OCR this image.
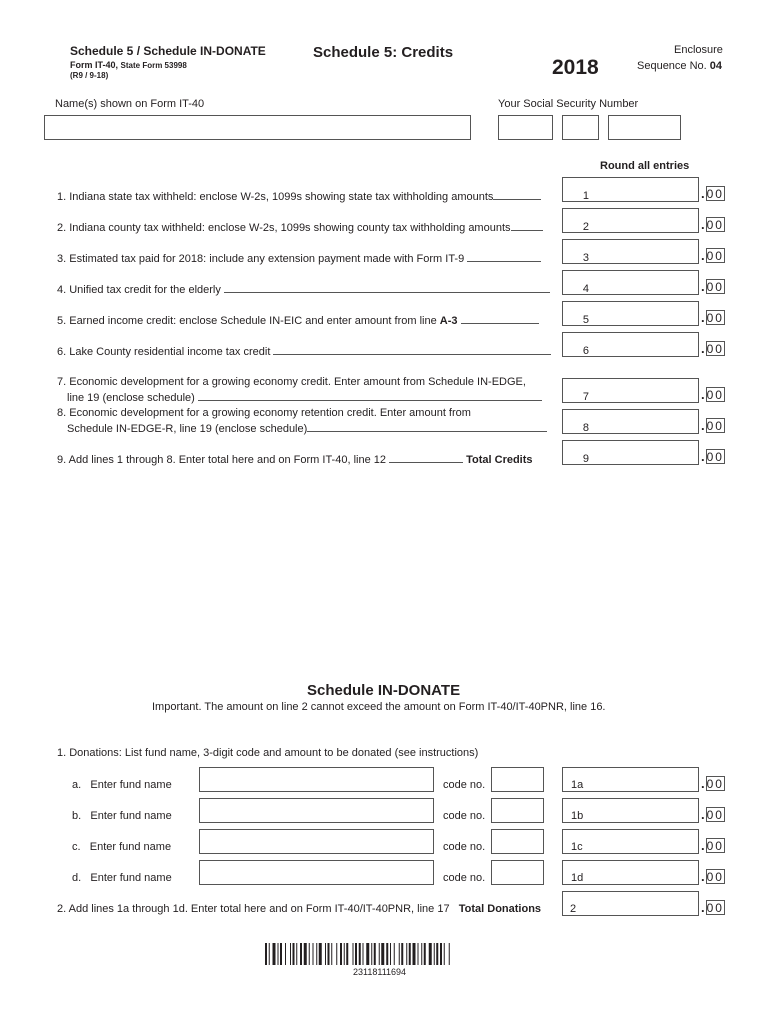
Schedule 5 / Schedule IN-DONATE
Form IT-40, State Form 53998
(R9 / 9-18)
Schedule 5: Credits
2018
Enclosure
Sequence No. 04
Name(s) shown on Form IT-40	Your Social Security Number
Round all entries
1. Indiana state tax withheld: enclose W-2s, 1099s showing state tax withholding amounts	1	. 00
2. Indiana county tax withheld: enclose W-2s, 1099s showing county tax withholding amounts	2	. 00
3. Estimated tax paid for 2018: include any extension payment made with Form IT-9	3	. 00
4. Unified tax credit for the elderly	4	. 00
5. Earned income credit: enclose Schedule IN-EIC and enter amount from line A-3	5	. 00
6. Lake County residential income tax credit	6	. 00
7. Economic development for a growing economy credit. Enter amount from Schedule IN-EDGE,
line 19 (enclose schedule)	7	. 00
8. Economic development for a growing economy retention credit. Enter amount from
Schedule IN-EDGE-R, line 19 (enclose schedule)	8	. 00
9. Add lines 1 through 8. Enter total here and on Form IT-40, line 12	Total Credits	9	. 00
Schedule IN-DONATE
Important. The amount on line 2 cannot exceed the amount on Form IT-40/IT-40PNR, line 16.
1. Donations: List fund name, 3-digit code and amount to be donated (see instructions)
a. Enter fund name	code no.	1a	. 00
b. Enter fund name	code no.	1b	. 00
c. Enter fund name	code no.	1c	. 00
d. Enter fund name	code no.	1d	. 00
2. Add lines 1a through 1d. Enter total here and on Form IT-40/IT-40PNR, line 17 Total Donations	2	. 00
23118111694
